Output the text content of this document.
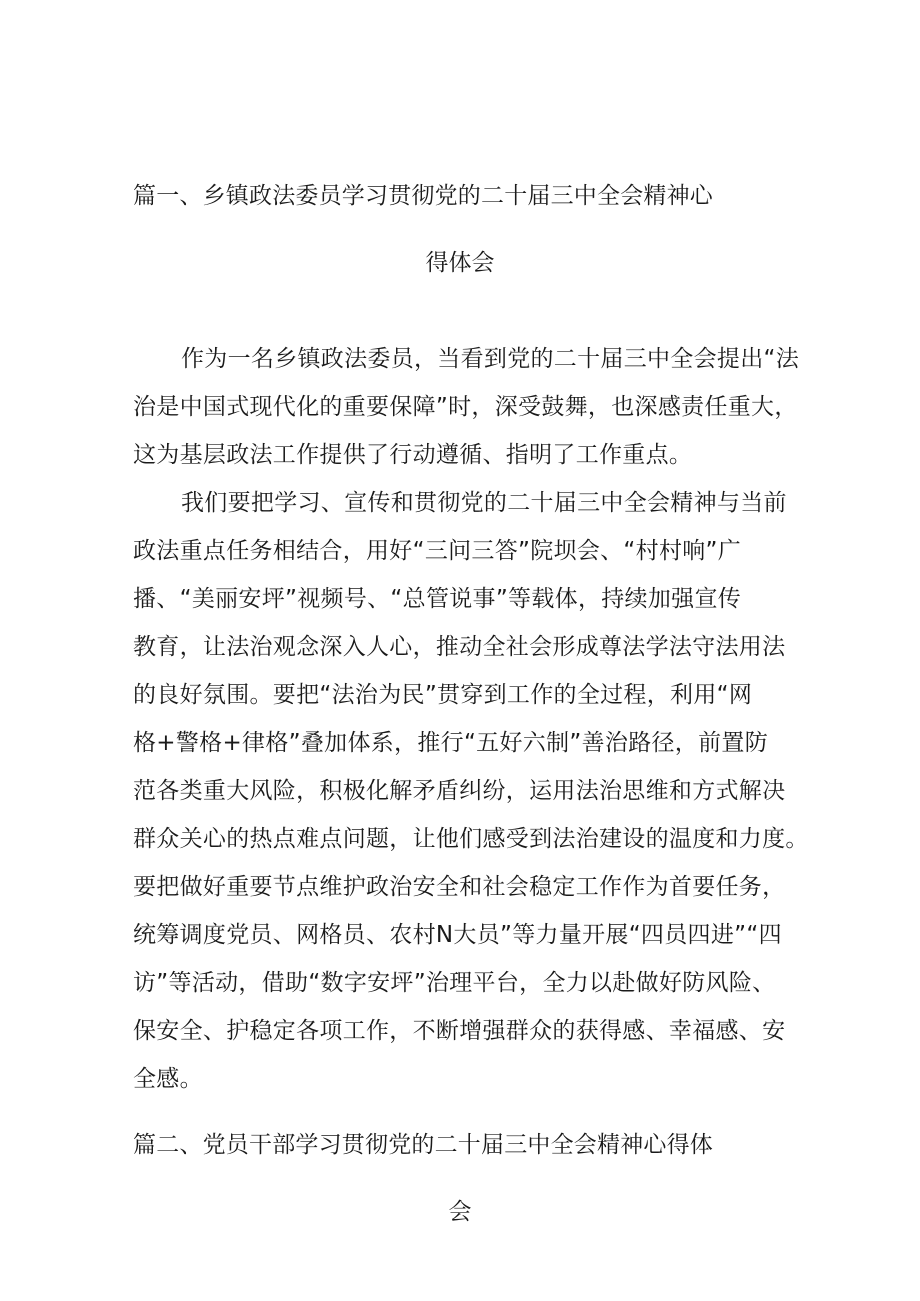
篇一、乡镇政法委员学习贯彻党的二十届三中全会精神心
得体会
作为一名乡镇政法委员，当看到党的二十届三中全会提出“法
治是中国式现代化的重要保障”时，深受鼓舞，也深感责任重大，
这为基层政法工作提供了行动遵循、指明了工作重点。
我们要把学习、宣传和贯彻党的二十届三中全会精神与当前
政法重点任务相结合，用好“三问三答”院坝会、“村村响”广
播、“美丽安坪”视频号、“总管说事”等载体，持续加强宣传
教育，让法治观念深入人心，推动全社会形成尊法学法守法用法
的良好氛围。要把“法治为民”贯穿到工作的全过程，利用“网
格+警格+律格”叠加体系，推行“五好六制”善治路径，前置防
范各类重大风险，积极化解矛盾纠纷，运用法治思维和方式解决
群众关心的热点难点问题，让他们感受到法治建设的温度和力度。
要把做好重要节点维护政治安全和社会稳定工作作为首要任务，
统筹调度党员、网格员、农村N大员”等力量开展“四员四进”“四
访”等活动，借助“数字安坪”治理平台，全力以赴做好防风险、
保安全、护稳定各项工作，不断增强群众的获得感、幸福感、安
全感。
篇二、党员干部学习贯彻党的二十届三中全会精神心得体
会
